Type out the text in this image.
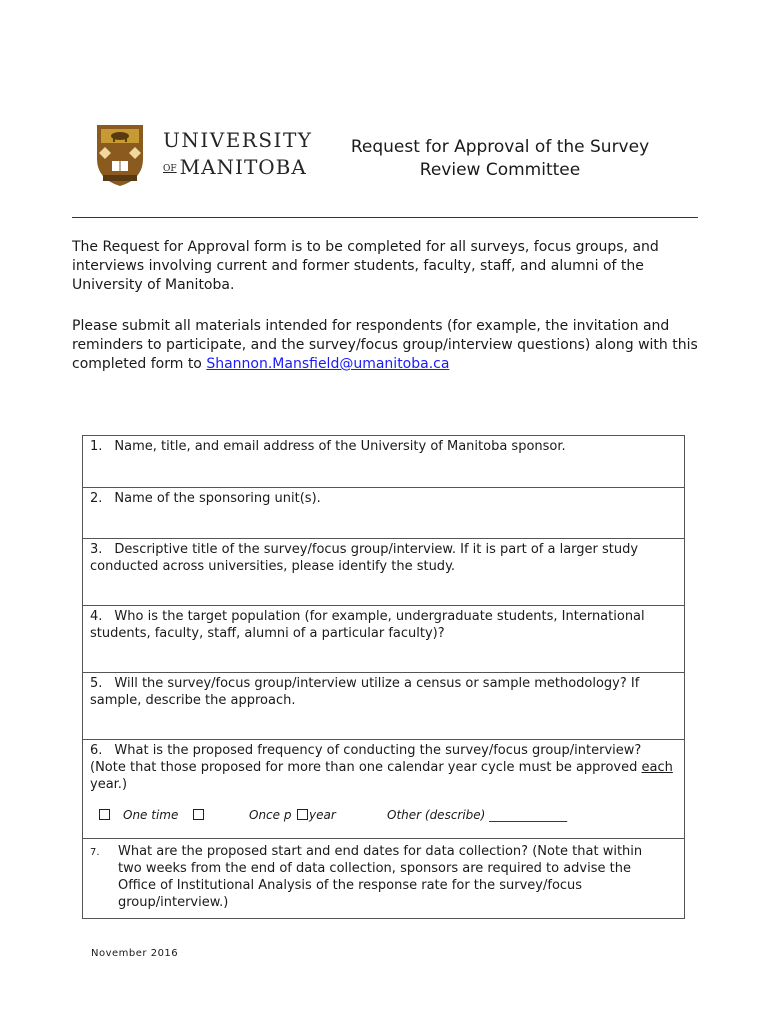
UNIVERSITY
OF MANITOBA
Request for Approval of the Survey Review Committee

The Request for Approval form is to be completed for all surveys, focus groups, and interviews involving current and former students, faculty, staff, and alumni of the University of Manitoba.

Please submit all materials intended for respondents (for example, the invitation and reminders to participate, and the survey/focus group/interview questions) along with this completed form to Shannon.Mansfield@umanitoba.ca

1. Name, title, and email address of the University of Manitoba sponsor.
2. Name of the sponsoring unit(s).
3. Descriptive title of the survey/focus group/interview. If it is part of a larger study conducted across universities, please identify the study.
4. Who is the target population (for example, undergraduate students, International students, faculty, staff, alumni of a particular faculty)?
5. Will the survey/focus group/interview utilize a census or sample methodology? If sample, describe the approach.
6. What is the proposed frequency of conducting the survey/focus group/interview? (Note that those proposed for more than one calendar year cycle must be approved each year.)
One time	Once p year	Other (describe) _____________
7. What are the proposed start and end dates for data collection? (Note that within two weeks from the end of data collection, sponsors are required to advise the Office of Institutional Analysis of the response rate for the survey/focus group/interview.)
November 2016
